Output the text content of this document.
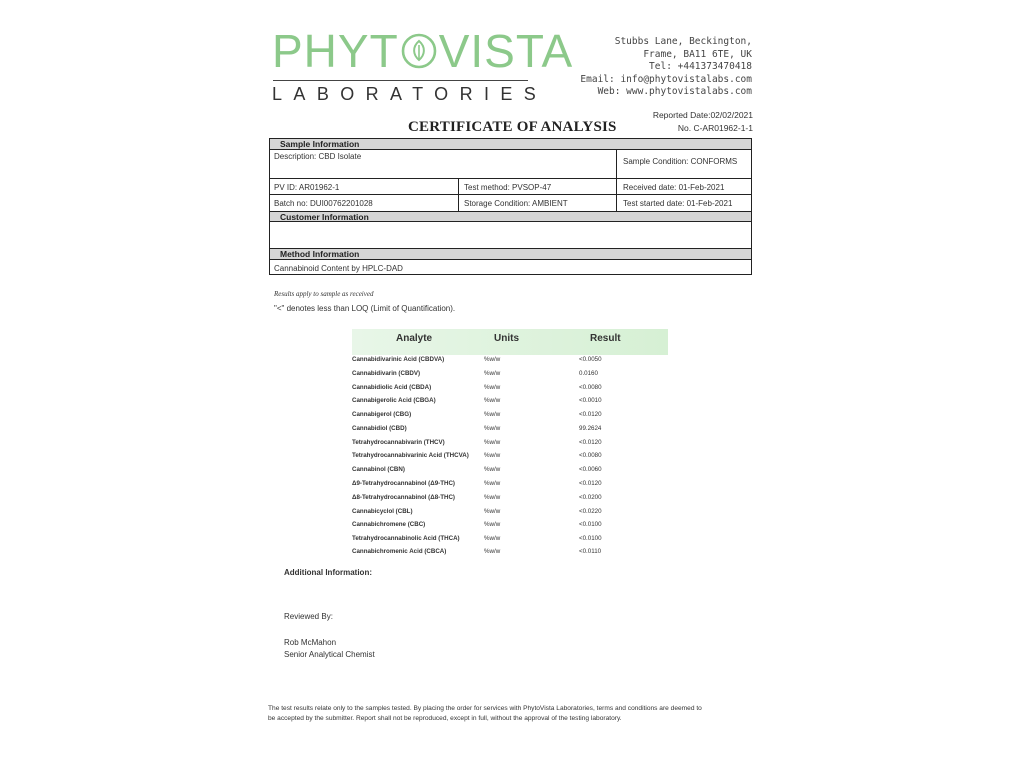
PHYT VISTA
LABORATORIES
Stubbs Lane, Beckington,
Frame, BA11 6TE, UK
Tel: +441373470418
Email: info@phytovistalabs.com
Web: www.phytovistalabs.com
Reported Date:02/02/2021
No. C-AR01962-1-1
CERTIFICATE OF ANALYSIS
Sample Information
Description: CBD Isolate
Sample Condition: CONFORMS
PV ID: AR01962-1	Test method: PVSOP-47	Received date: 01-Feb-2021
Batch no: DUI00762201028	Storage Condition: AMBIENT	Test started date: 01-Feb-2021
Customer Information
Method Information
Cannabinoid Content by HPLC-DAD
Results apply to sample as received
"<" denotes less than LOQ (Limit of Quantification).
Analyte	Units	Result
Cannabidivarinic Acid (CBDVA)	%w/w	<0.0050
Cannabidivarin (CBDV)	%w/w	0.0160
Cannabidiolic Acid (CBDA)	%w/w	<0.0080
Cannabigerolic Acid (CBGA)	%w/w	<0.0010
Cannabigerol (CBG)	%w/w	<0.0120
Cannabidiol (CBD)	%w/w	99.2624
Tetrahydrocannabivarin (THCV)	%w/w	<0.0120
Tetrahydrocannabivarinic Acid (THCVA) %w/w	<0.0080
Cannabinol (CBN)	%w/w	<0.0060
Δ9-Tetrahydrocannabinol (Δ9-THC)	%w/w	<0.0120
Δ8-Tetrahydrocannabinol (Δ8-THC)	%w/w	<0.0200
Cannabicyclol (CBL)	%w/w	<0.0220
Cannabichromene (CBC)	%w/w	<0.0100
Tetrahydrocannabinolic Acid (THCA)	%w/w	<0.0100
Cannabichromenic Acid (CBCA)	%w/w	<0.0110
Additional Information:
Reviewed By:
Rob McMahon
Senior Analytical Chemist
The test results relate only to the samples tested. By placing the order for services with PhytoVista Laboratories, terms and conditions are deemed to be accepted by the submitter. Report shall not be reproduced, except in full, without the approval of the testing laboratory.
